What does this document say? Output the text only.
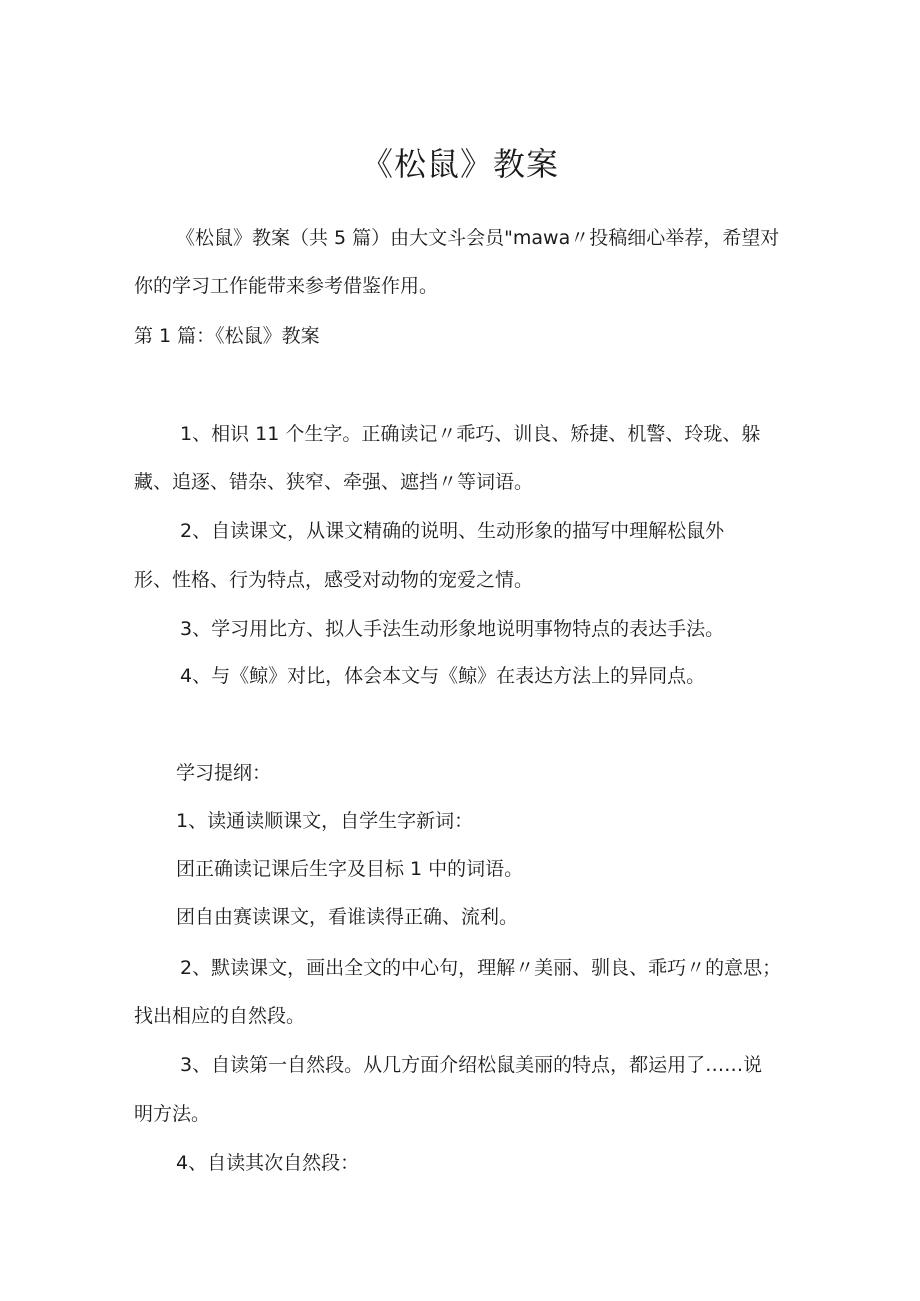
《松鼠》教案
《松鼠》教案（共 5 篇）由大文斗会员"mawa〃投稿细心举荐，希望对
你的学习工作能带来参考借鉴作用。
第 1 篇：《松鼠》教案
1、相识 11 个生字。正确读记〃乖巧、训良、矫捷、机警、玲珑、躲
藏、追逐、错杂、狭窄、牵强、遮挡〃等词语。
2、自读课文，从课文精确的说明、生动形象的描写中理解松鼠外
形、性格、行为特点，感受对动物的宠爱之情。
3、学习用比方、拟人手法生动形象地说明事物特点的表达手法。
4、与《鲸》对比，体会本文与《鲸》在表达方法上的异同点。
学习提纲：
1、读通读顺课文，自学生字新词：
团正确读记课后生字及目标 1 中的词语。
团自由赛读课文，看谁读得正确、流利。
2、默读课文，画出全文的中心句，理解〃美丽、驯良、乖巧〃的意思；
找出相应的自然段。
3、自读第一自然段。从几方面介绍松鼠美丽的特点，都运用了……说
明方法。
4、自读其次自然段：
